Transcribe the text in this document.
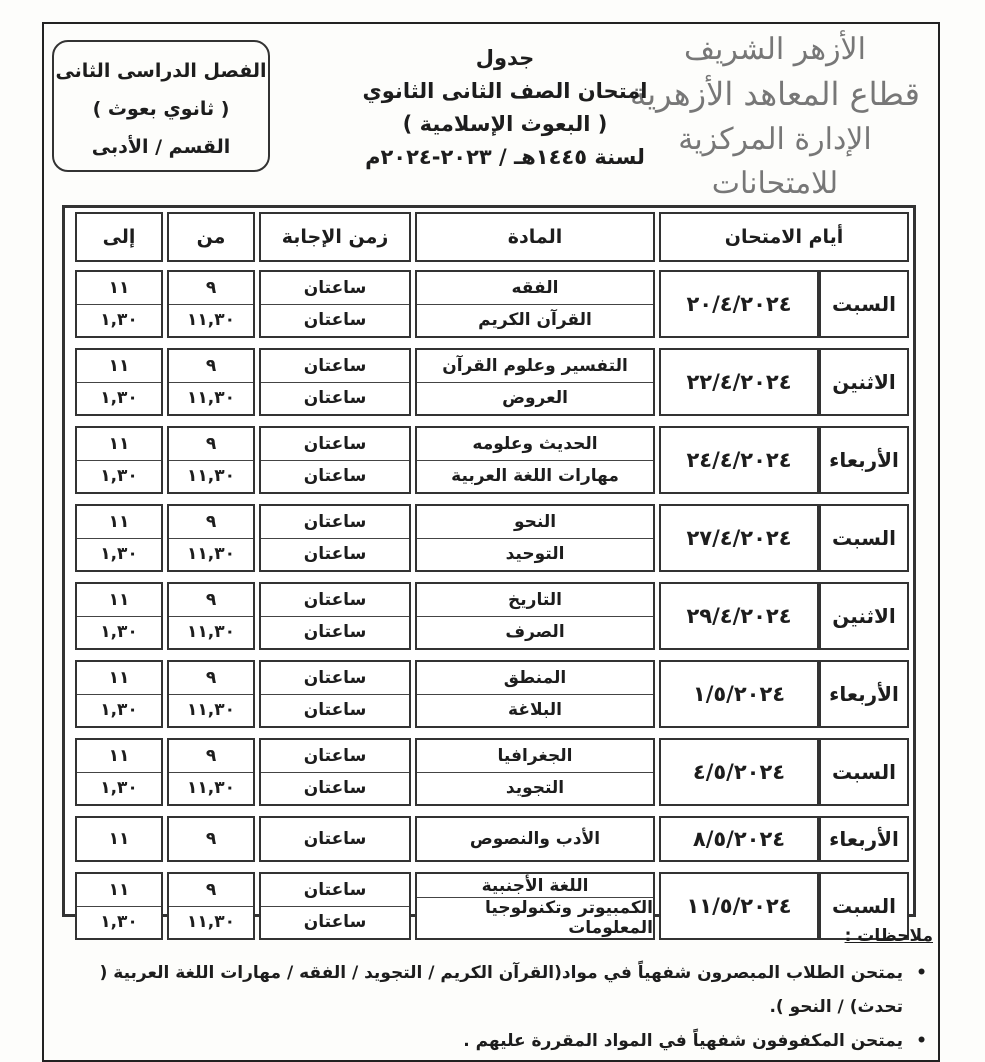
الأزهر الشريف
قطاع المعاهد الأزهرية
الإدارة المركزية للامتحانات
جدول
امتحان الصف الثانى الثانوي
( البعوث الإسلامية )
لسنة ١٤٤٥هـ / ٢٠٢٣-٢٠٢٤م
الفصل الدراسى الثانى
( ثانوي بعوث )
القسم / الأدبى
أيام الامتحان
المادة
زمن الإجابة
من
إلى
السبت
٢٠/٤/٢٠٢٤
الفقه
القرآن الكريم
ساعتان
ساعتان
٩
١١,٣٠
١١
١,٣٠
الاثنين
٢٢/٤/٢٠٢٤
التفسير وعلوم القرآن
العروض
ساعتان
ساعتان
٩
١١,٣٠
١١
١,٣٠
الأربعاء
٢٤/٤/٢٠٢٤
الحديث وعلومه
مهارات اللغة العربية
ساعتان
ساعتان
٩
١١,٣٠
١١
١,٣٠
السبت
٢٧/٤/٢٠٢٤
النحو
التوحيد
ساعتان
ساعتان
٩
١١,٣٠
١١
١,٣٠
الاثنين
٢٩/٤/٢٠٢٤
التاريخ
الصرف
ساعتان
ساعتان
٩
١١,٣٠
١١
١,٣٠
الأربعاء
١/٥/٢٠٢٤
المنطق
البلاغة
ساعتان
ساعتان
٩
١١,٣٠
١١
١,٣٠
السبت
٤/٥/٢٠٢٤
الجغرافيا
التجويد
ساعتان
ساعتان
٩
١١,٣٠
١١
١,٣٠
الأربعاء
٨/٥/٢٠٢٤
الأدب والنصوص
ساعتان
٩
١١
السبت
١١/٥/٢٠٢٤
اللغة الأجنبية
الكمبيوتر وتكنولوجيا المعلومات
ساعتان
ساعتان
٩
١١,٣٠
١١
١,٣٠
ملاحظات :
• يمتحن الطلاب المبصرون شفهياً في مواد(القرآن الكريم / التجويد / الفقه / مهارات اللغة العربية ( تحدث) / النحو ).
• يمتحن المكفوفون شفهياً في المواد المقررة عليهم .
